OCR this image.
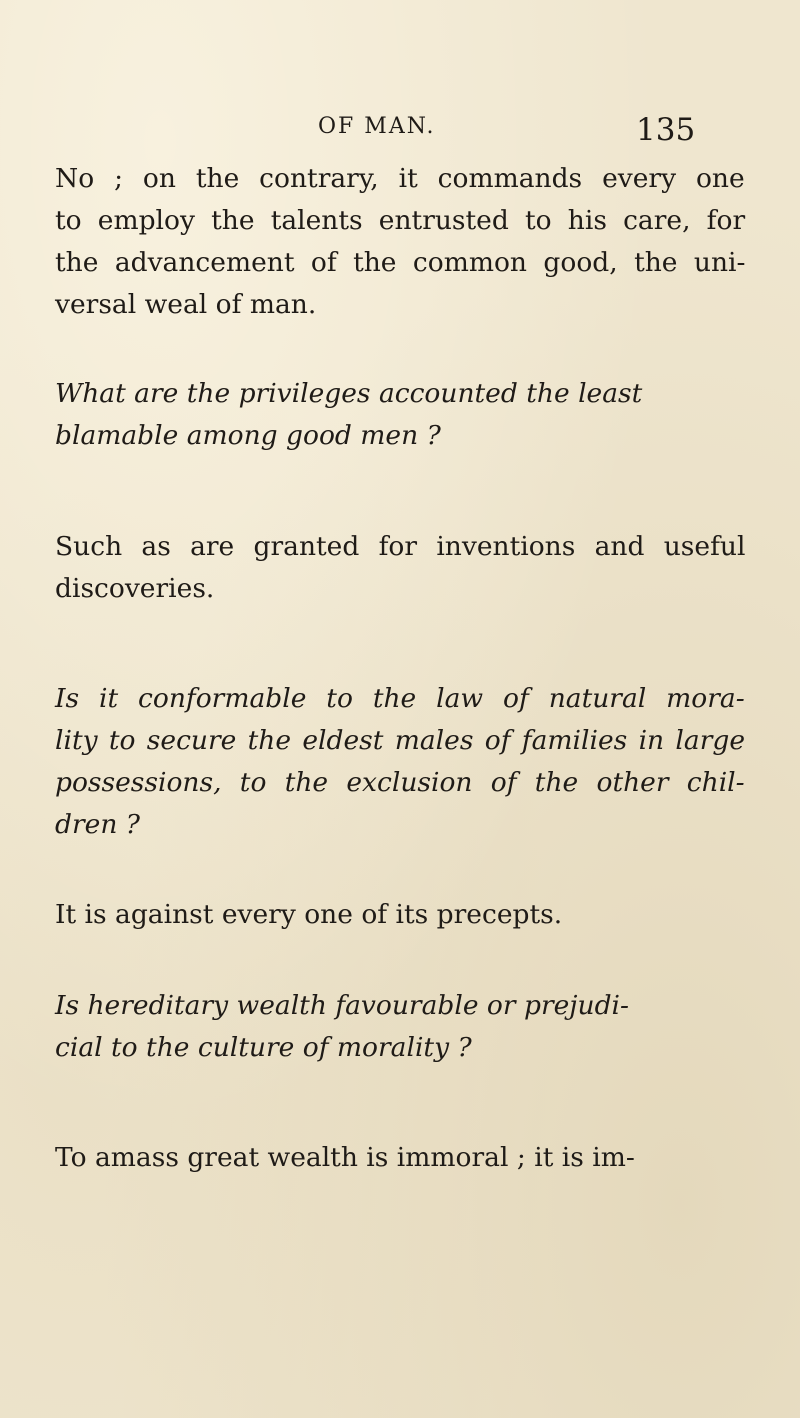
OF MAN.	135
No ; on the contrary, it commands every one
to employ the talents entrusted to his care, for
the advancement of the common good, the uni-
versal weal of man.
What are the privileges accounted the least
blamable among good men ?
Such as are granted for inventions and useful
discoveries.
Is it conformable to the law of natural mora-
lity to secure the eldest males of families in large
possessions, to the exclusion of the other chil-
dren ?
It is against every one of its precepts.
Is hereditary wealth favourable or prejudi-
cial to the culture of morality ?
To amass great wealth is immoral ; it is im-
